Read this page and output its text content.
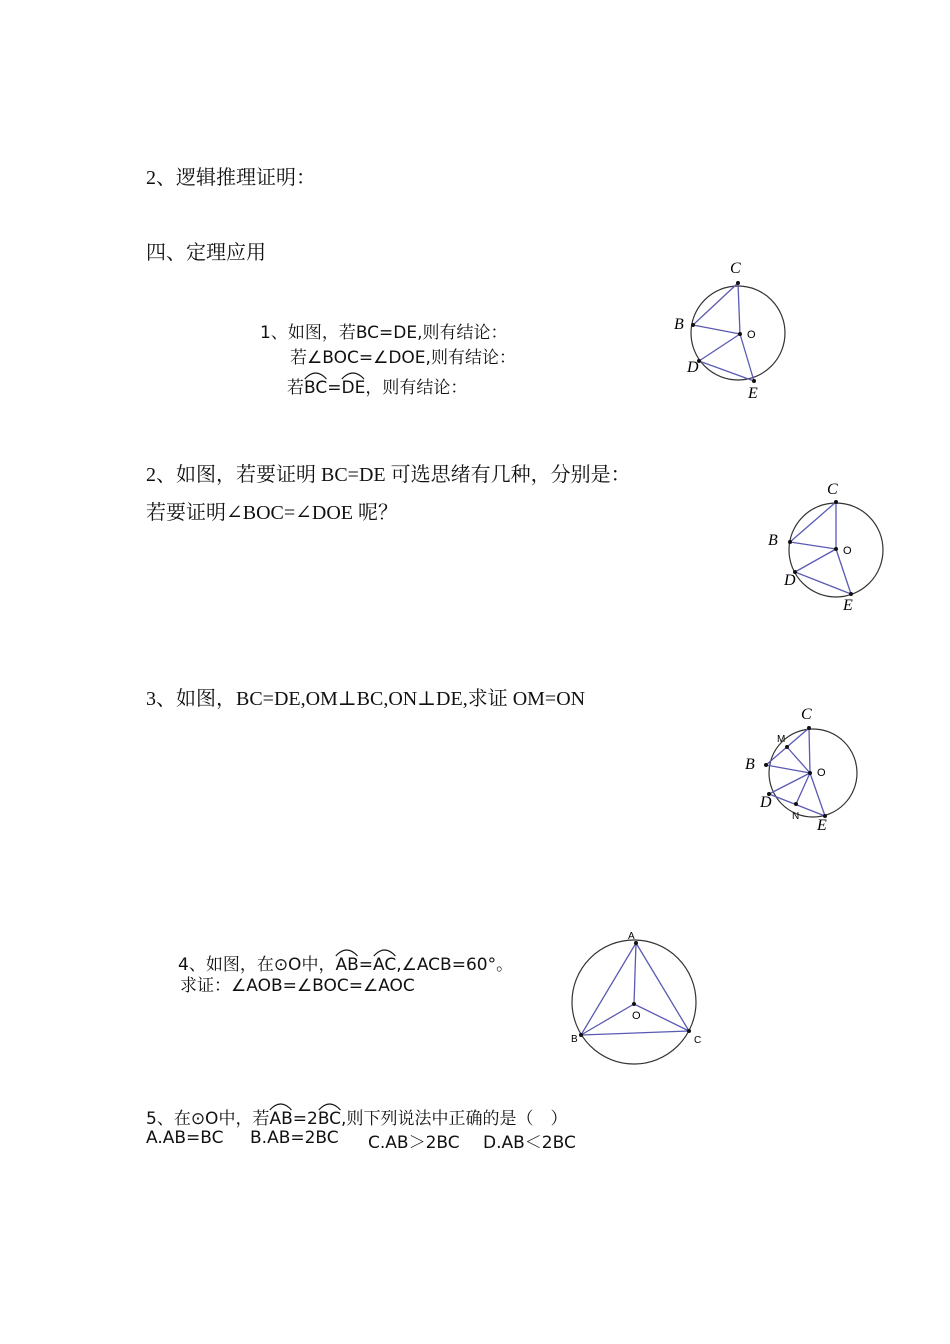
2、逻辑推理证明：
四、定理应用
1、如图，若BC=DE,则有结论：
若∠BOC=∠DOE,则有结论：
若
BC=
DE，则有结论：
C
B
O
D
E
2、如图，若要证明 BC=DE 可选思绪有几种，分别是：
若要证明∠BOC=∠DOE 呢？
C
B
O
D
E
3、如图，BC=DE,OM⊥BC,ON⊥DE,求证 OM=ON
C
M
B	O
D
N
E
4、如图，在⊙O中，
AB=
AC,∠ACB=60°。
求证：∠AOB=∠BOC=∠AOC
A
O
B	C
5、在⊙O中，若
AB=2
BC,则下列说法中正确的是（　）
A.AB=BC B.AB=2BC C.AB＞2BC D.AB＜2BC
